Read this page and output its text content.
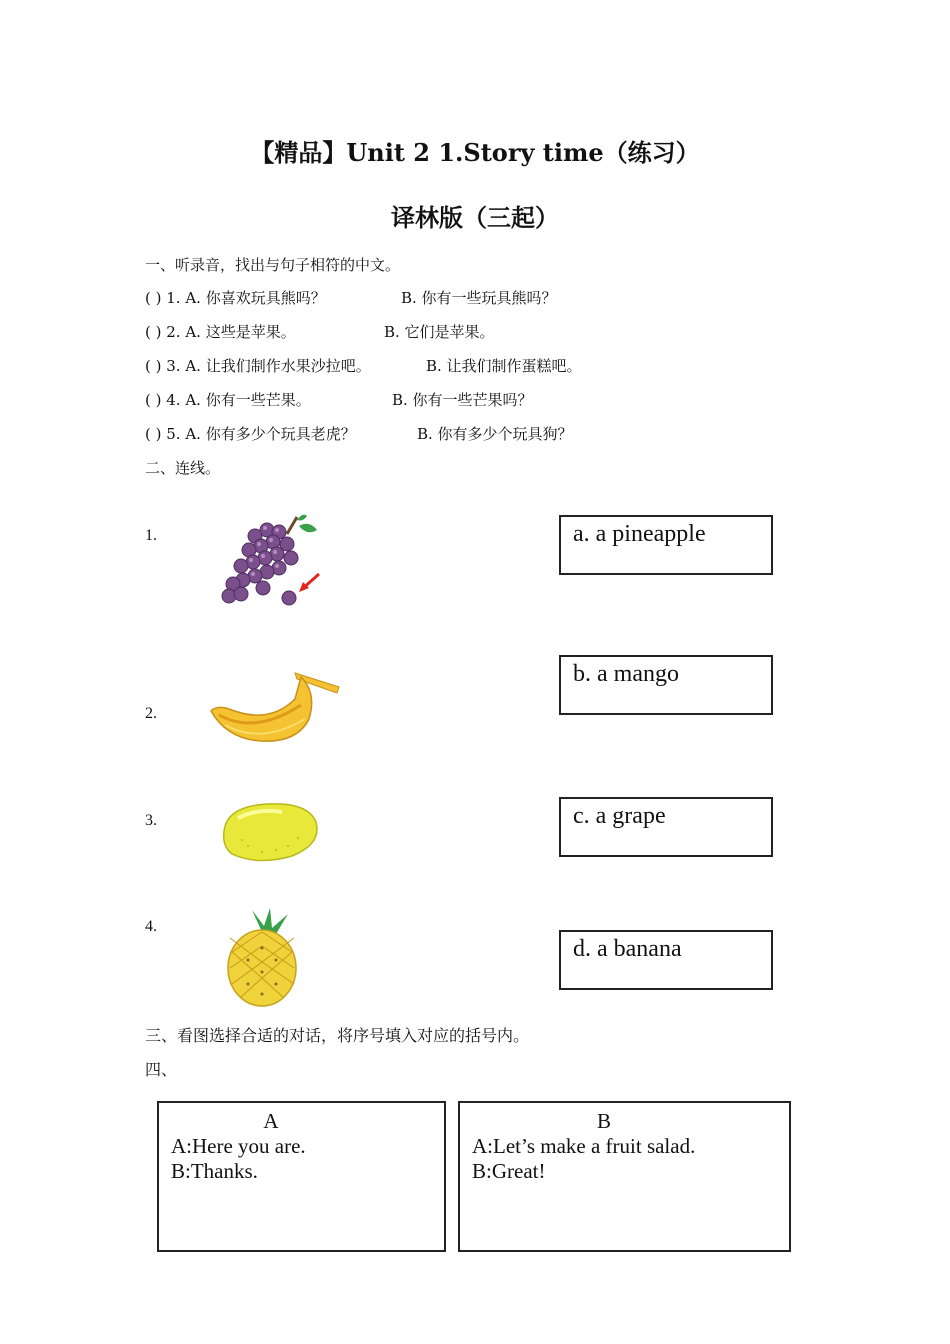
【精品】Unit 2 1.Story time（练习）
译林版（三起）
一、听录音，找出与句子相符的中文。
( ) 1. A. 你喜欢玩具熊吗？	B. 你有一些玩具熊吗？
( ) 2. A. 这些是苹果。	B. 它们是苹果。
( ) 3. A. 让我们制作水果沙拉吧。	B. 让我们制作蛋糕吧。
( ) 4. A. 你有一些芒果。	B. 你有一些芒果吗？
( ) 5. A. 你有多少个玩具老虎？	B. 你有多少个玩具狗？
二、连线。
1.
2.
3.
4.
a. a pineapple
b. a mango
c. a grape
d. a banana
三、看图选择合适的对话，将序号填入对应的括号内。
四、
A
A:Here you are.
B:Thanks.
B
A:Let’s make a fruit salad.
B:Great!
